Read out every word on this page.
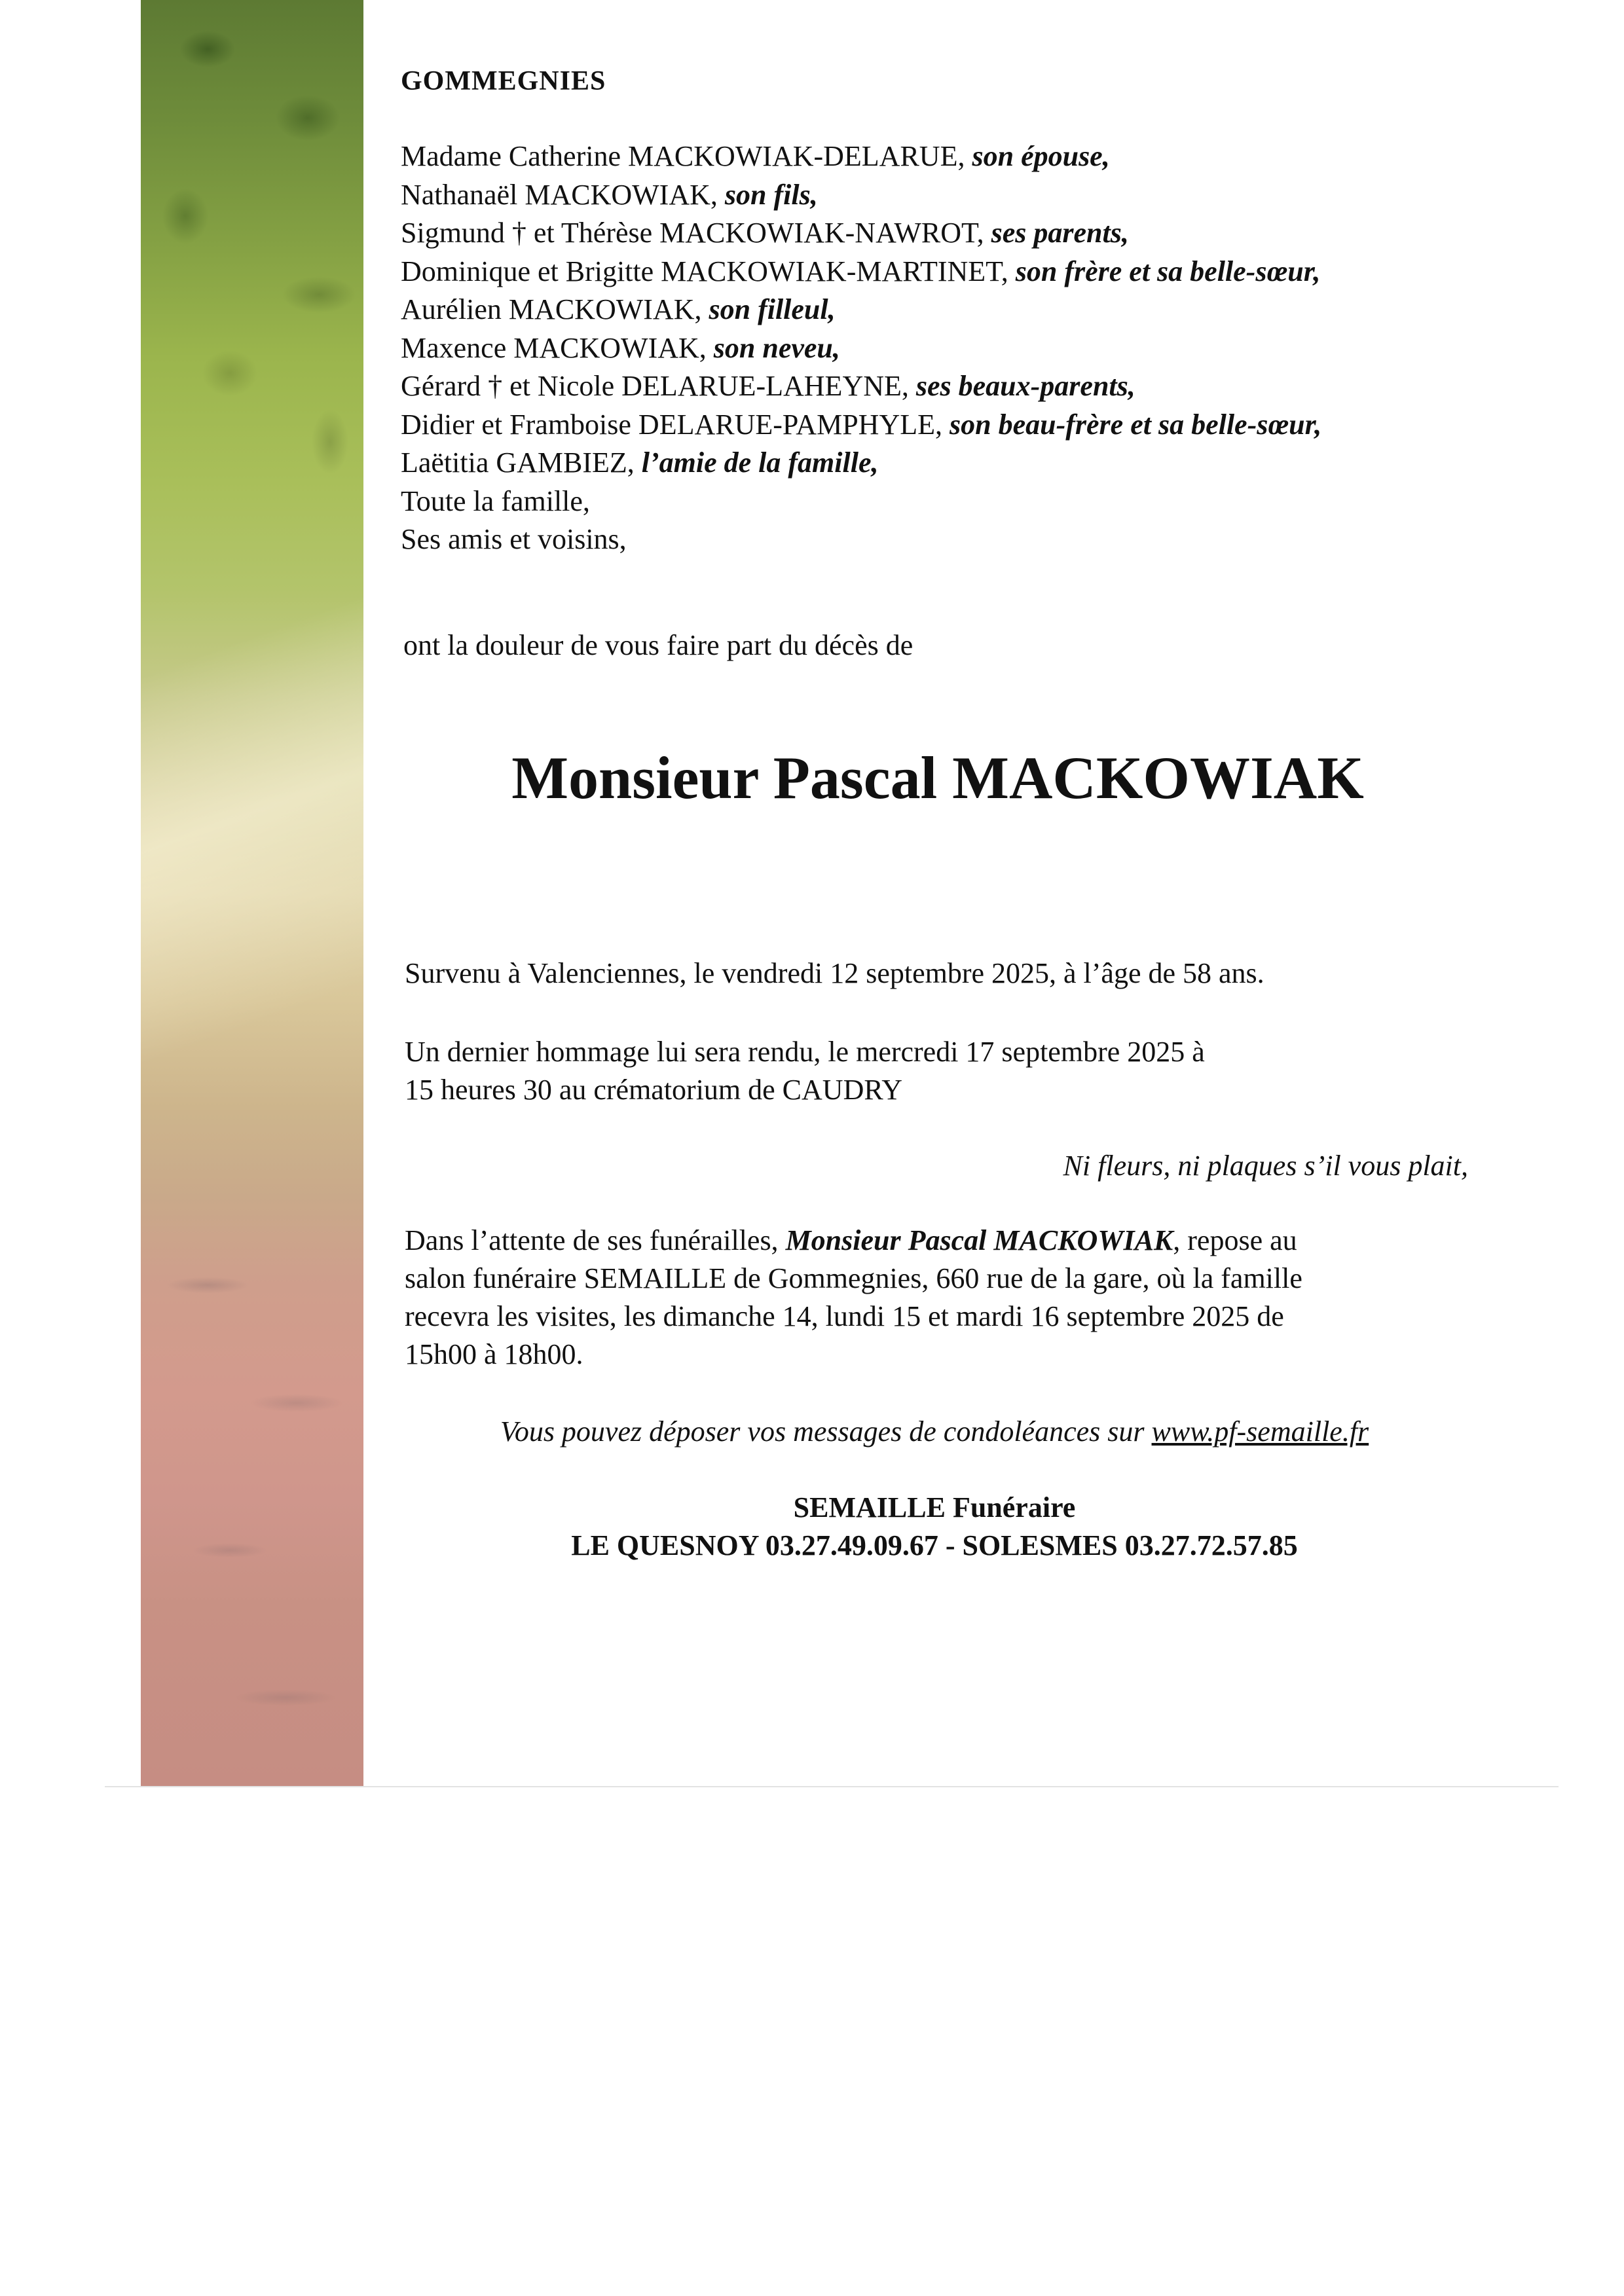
GOMMEGNIES
Madame Catherine MACKOWIAK-DELARUE, son épouse,
Nathanaël MACKOWIAK, son fils,
Sigmund † et Thérèse MACKOWIAK-NAWROT, ses parents,
Dominique et Brigitte MACKOWIAK-MARTINET, son frère et sa belle-sœur,
Aurélien MACKOWIAK, son filleul,
Maxence MACKOWIAK, son neveu,
Gérard † et Nicole DELARUE-LAHEYNE, ses beaux-parents,
Didier et Framboise DELARUE-PAMPHYLE, son beau-frère et sa belle-sœur,
Laëtitia GAMBIEZ, l’amie de la famille,
Toute la famille,
Ses amis et voisins,
ont la douleur de vous faire part du décès de
Monsieur Pascal MACKOWIAK
Survenu à Valenciennes, le vendredi 12 septembre 2025, à l’âge de 58 ans.
Un dernier hommage lui sera rendu, le mercredi 17 septembre 2025 à
15 heures 30 au crématorium de CAUDRY
Ni fleurs, ni plaques s’il vous plait,
Dans l’attente de ses funérailles, Monsieur Pascal MACKOWIAK, repose au
salon funéraire SEMAILLE de Gommegnies, 660 rue de la gare, où la famille
recevra les visites, les dimanche 14, lundi 15 et mardi 16 septembre 2025 de
15h00 à 18h00.
Vous pouvez déposer vos messages de condoléances sur www.pf-semaille.fr
SEMAILLE Funéraire
LE QUESNOY 03.27.49.09.67 - SOLESMES 03.27.72.57.85
